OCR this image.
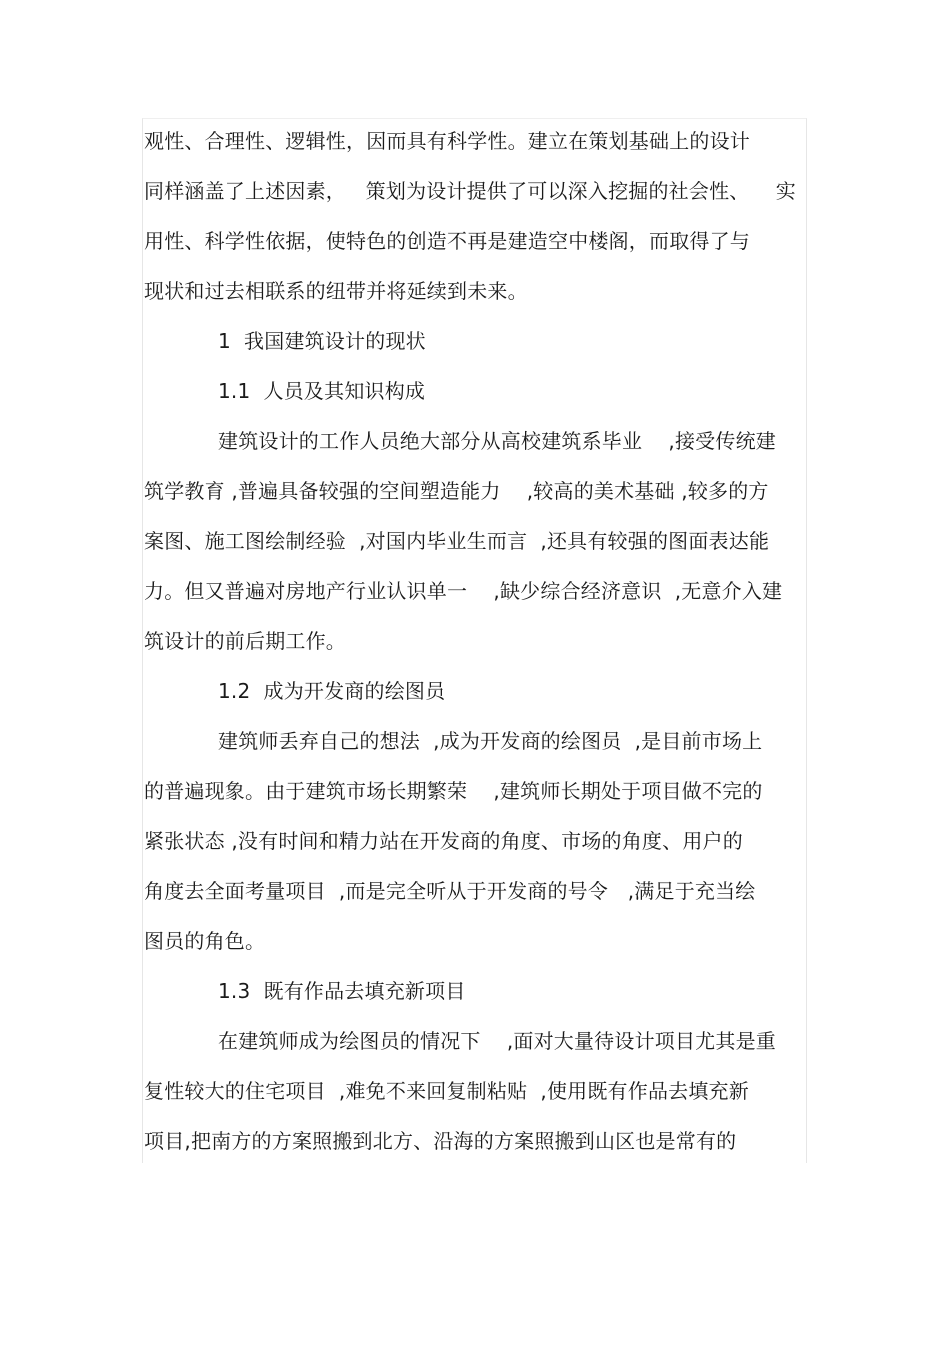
观性、合理性、逻辑性，因而具有科学性。建立在策划基础上的设计
同样涵盖了上述因素，   策划为设计提供了可以深入挖掘的社会性、    实
用性、科学性依据，使特色的创造不再是建造空中楼阁，而取得了与
现状和过去相联系的纽带并将延续到未来。
1  我国建筑设计的现状
1.1  人员及其知识构成
建筑设计的工作人员绝大部分从高校建筑系毕业    ,接受传统建
筑学教育 ,普遍具备较强的空间塑造能力    ,较高的美术基础 ,较多的方
案图、施工图绘制经验  ,对国内毕业生而言  ,还具有较强的图面表达能
力。但又普遍对房地产行业认识单一    ,缺少综合经济意识  ,无意介入建
筑设计的前后期工作。
1.2  成为开发商的绘图员
建筑师丢弃自己的想法  ,成为开发商的绘图员  ,是目前市场上
的普遍现象。由于建筑市场长期繁荣    ,建筑师长期处于项目做不完的
紧张状态 ,没有时间和精力站在开发商的角度、市场的角度、用户的
角度去全面考量项目  ,而是完全听从于开发商的号令   ,满足于充当绘
图员的角色。
1.3  既有作品去填充新项目
在建筑师成为绘图员的情况下    ,面对大量待设计项目尤其是重
复性较大的住宅项目  ,难免不来回复制粘贴  ,使用既有作品去填充新
项目,把南方的方案照搬到北方、沿海的方案照搬到山区也是常有的
